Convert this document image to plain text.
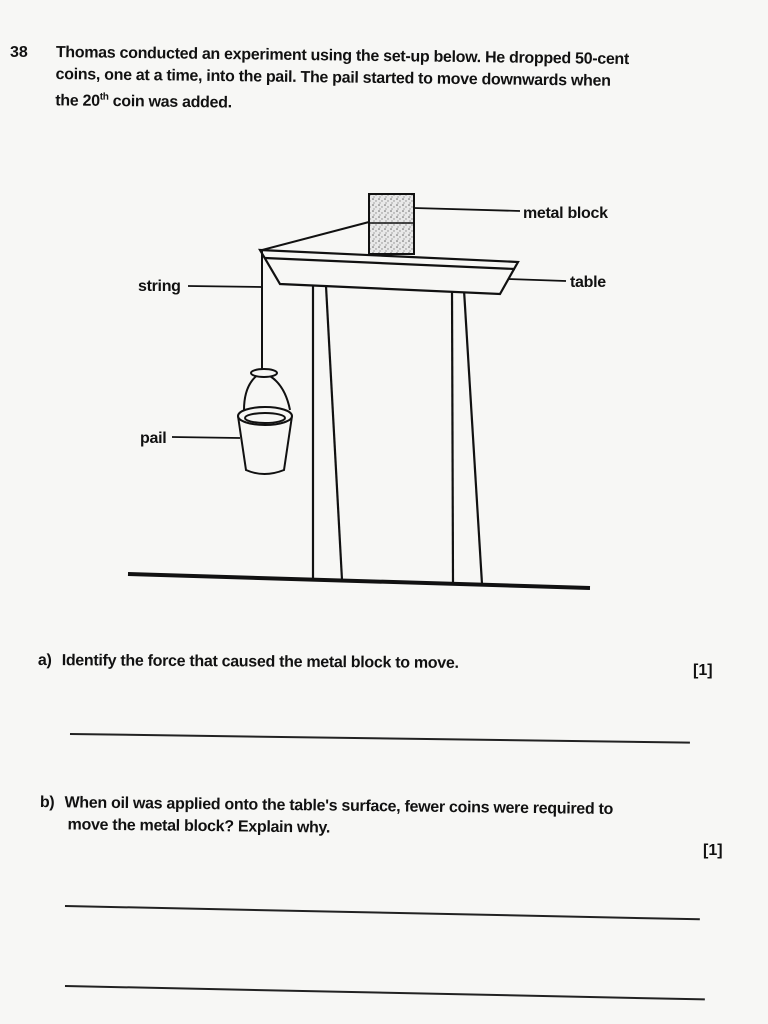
38 Thomas conducted an experiment using the set-up below. He dropped 50-cent
coins, one at a time, into the pail. The pail started to move downwards when
the 20th coin was added.
metal block
table
string
pail
a) Identify the force that caused the metal block to move.	[1]
b) When oil was applied onto the table's surface, fewer coins were required to
move the metal block? Explain why.
[1]
